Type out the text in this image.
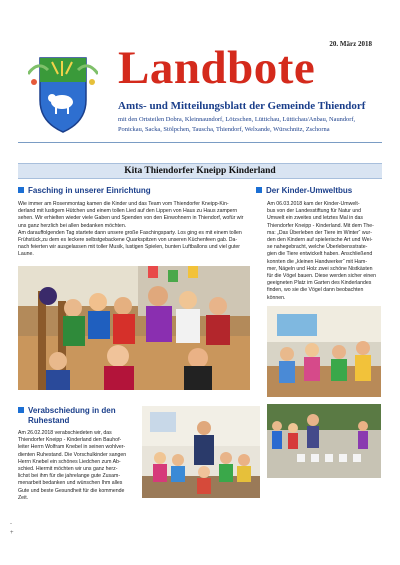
20. März 2018
Landbote
Amts- und Mitteilungsblatt der Gemeinde Thiendorf
mit den Ortsteilen Dobra, Kleinnaundorf, Lötzschen, Lüttichau, Lüttichau/Anbau, Naundorf,
Ponickau, Sacka, Stölpchen, Tauscha, Thiendorf, Welxande, Würschnitz, Zschorna
Kita Thiendorfer Kneipp Kinderland
Fasching in unserer Einrichtung
Wie immer am Rosenmontag kamen die Kinder und das Team vom Thiendorfer Kneipp-Kin-
derland mit lustigem Hütchen und einem tollen Lied auf den Lippen von Haus zu Haus zampern
sehen. Wir erhielten wieder viele Gaben und Spenden von den Einwohnern in Thiendorf, wofür wir
uns ganz herzlich bei allen bedanken möchten.
Am darauffolgenden Tag startete dann unsere große Faschingsparty. Los ging es mit einem tollen
Frühstück,zu dem es leckere selbstgebackene Quarkspitzen von unseren Küchenfeen gab. Da-
nach feierten wir ausgelassen mit toller Musik, lustigen Spielen, bunten Luftballons und viel guter
Laune.
Der Kinder-Umweltbus
Am 06.03.2018 kam der Kinder-Umwelt-
bus von der Landesstiftung für Natur und
Umwelt ein zweites und letztes Mal in das
Thiendorfer Kneipp - Kinderland. Mit dem The-
ma: „Das Überleben der Tiere im Winter“ wur-
den den Kindern auf spielerische Art und Wei-
se nahegebracht, welche Überlebensstrate-
gien die Tiere entwickelt haben. Anschließend
konnten die „kleinen Handwerker“ mit Ham-
mer, Nägeln und Holz zwei schöne Nistkästen
für die Vögel bauen. Diese werden sicher einen
geeigneten Platz im Garten des Kinderlandes
finden, wo sie die Vögel dann beobachten
können.
Verabschiedung in den
Ruhestand
Am 26.02.2018 verabschiedeten wir, das
Thiendorfer Kneipp - Kinderland den Bauhof-
leiter Herrn Wolfram Knebel in seinen wohlver-
dienten Ruhestand. Die Vorschulkinder sangen
Herrn Knebel ein schönes Liedchen zum Ab-
schied. Hiermit möchten wir uns ganz herz-
lichst bei ihm für die jahrelange gute Zusam-
menarbeit bedanken und wünschen Ihm alles
Gute und beste Gesundheit für die kommende
Zeit.
-
+
